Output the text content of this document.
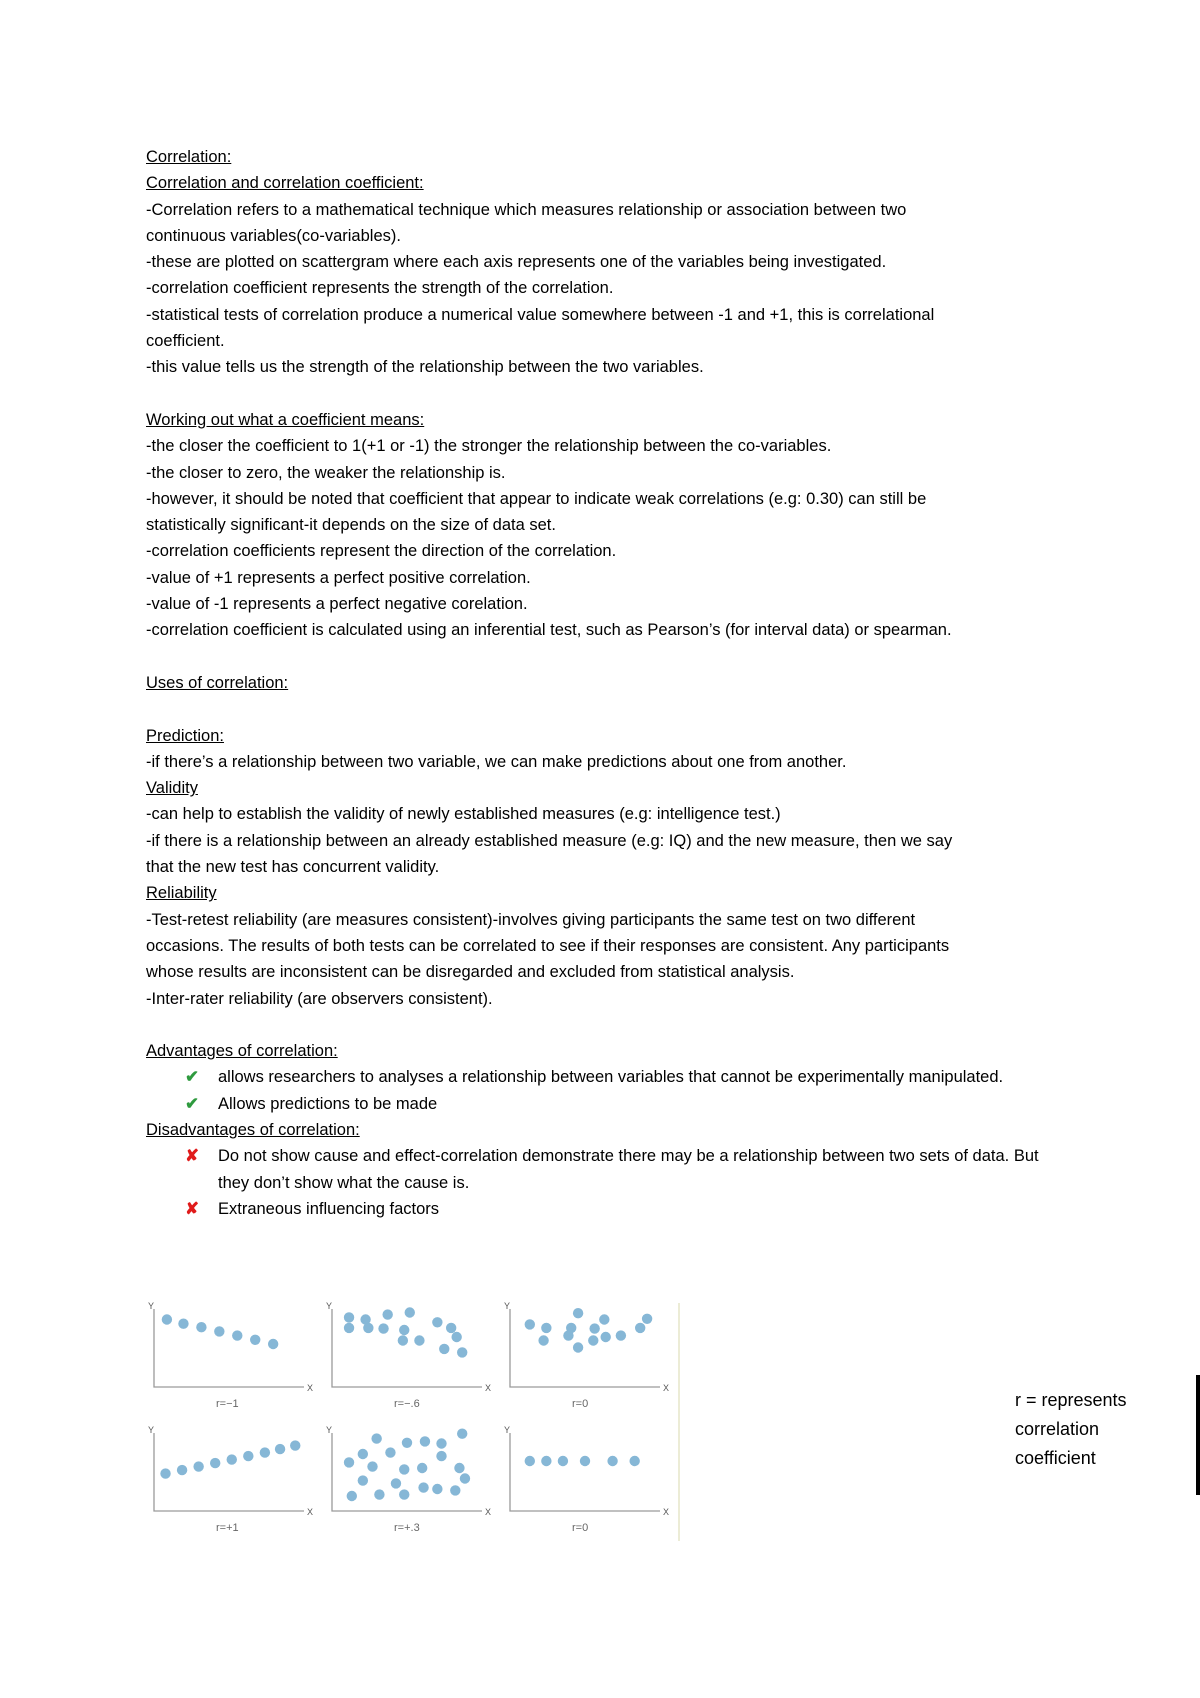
Correlation:
Correlation and correlation coefficient:
-Correlation refers to a mathematical technique which measures relationship or association between two
continuous variables(co-variables).
-these are plotted on scattergram where each axis represents one of the variables being investigated.
-correlation coefficient represents the strength of the correlation.
-statistical tests of correlation produce a numerical value somewhere between -1 and +1, this is correlational
coefficient.
-this value tells us the strength of the relationship between the two variables.
Working out what a coefficient means:
-the closer the coefficient to 1(+1 or -1) the stronger the relationship between the co-variables.
-the closer to zero, the weaker the relationship is.
-however, it should be noted that coefficient that appear to indicate weak correlations (e.g: 0.30) can still be
statistically significant-it depends on the size of data set.
-correlation coefficients represent the direction of the correlation.
-value of +1 represents a perfect positive correlation.
-value of -1 represents a perfect negative corelation.
-correlation coefficient is calculated using an inferential test, such as Pearson’s (for interval data) or spearman.
Uses of correlation:
Prediction:
-if there’s a relationship between two variable, we can make predictions about one from another.
Validity
-can help to establish the validity of newly established measures (e.g: intelligence test.)
-if there is a relationship between an already established measure (e.g: IQ) and the new measure, then we say
that the new test has concurrent validity.
Reliability
-Test-retest reliability (are measures consistent)-involves giving participants the same test on two different
occasions. The results of both tests can be correlated to see if their responses are consistent. Any participants
whose results are inconsistent can be disregarded and excluded from statistical analysis.
-Inter-rater reliability (are observers consistent).
Advantages of correlation:
✔ allows researchers to analyses a relationship between variables that cannot be experimentally manipulated.
✔ Allows predictions to be made
Disadvantages of correlation:
✘ Do not show cause and effect-correlation demonstrate there may be a relationship between two sets of data. But they don’t show what the cause is.
✘ Extraneous influencing factors
Y
X
r=−1
Y
X
r=−.6
Y
X
r=0
Y
X
r=+1
Y
X
r=+.3
Y
X
r=0
r = represents
correlation
coefficient
